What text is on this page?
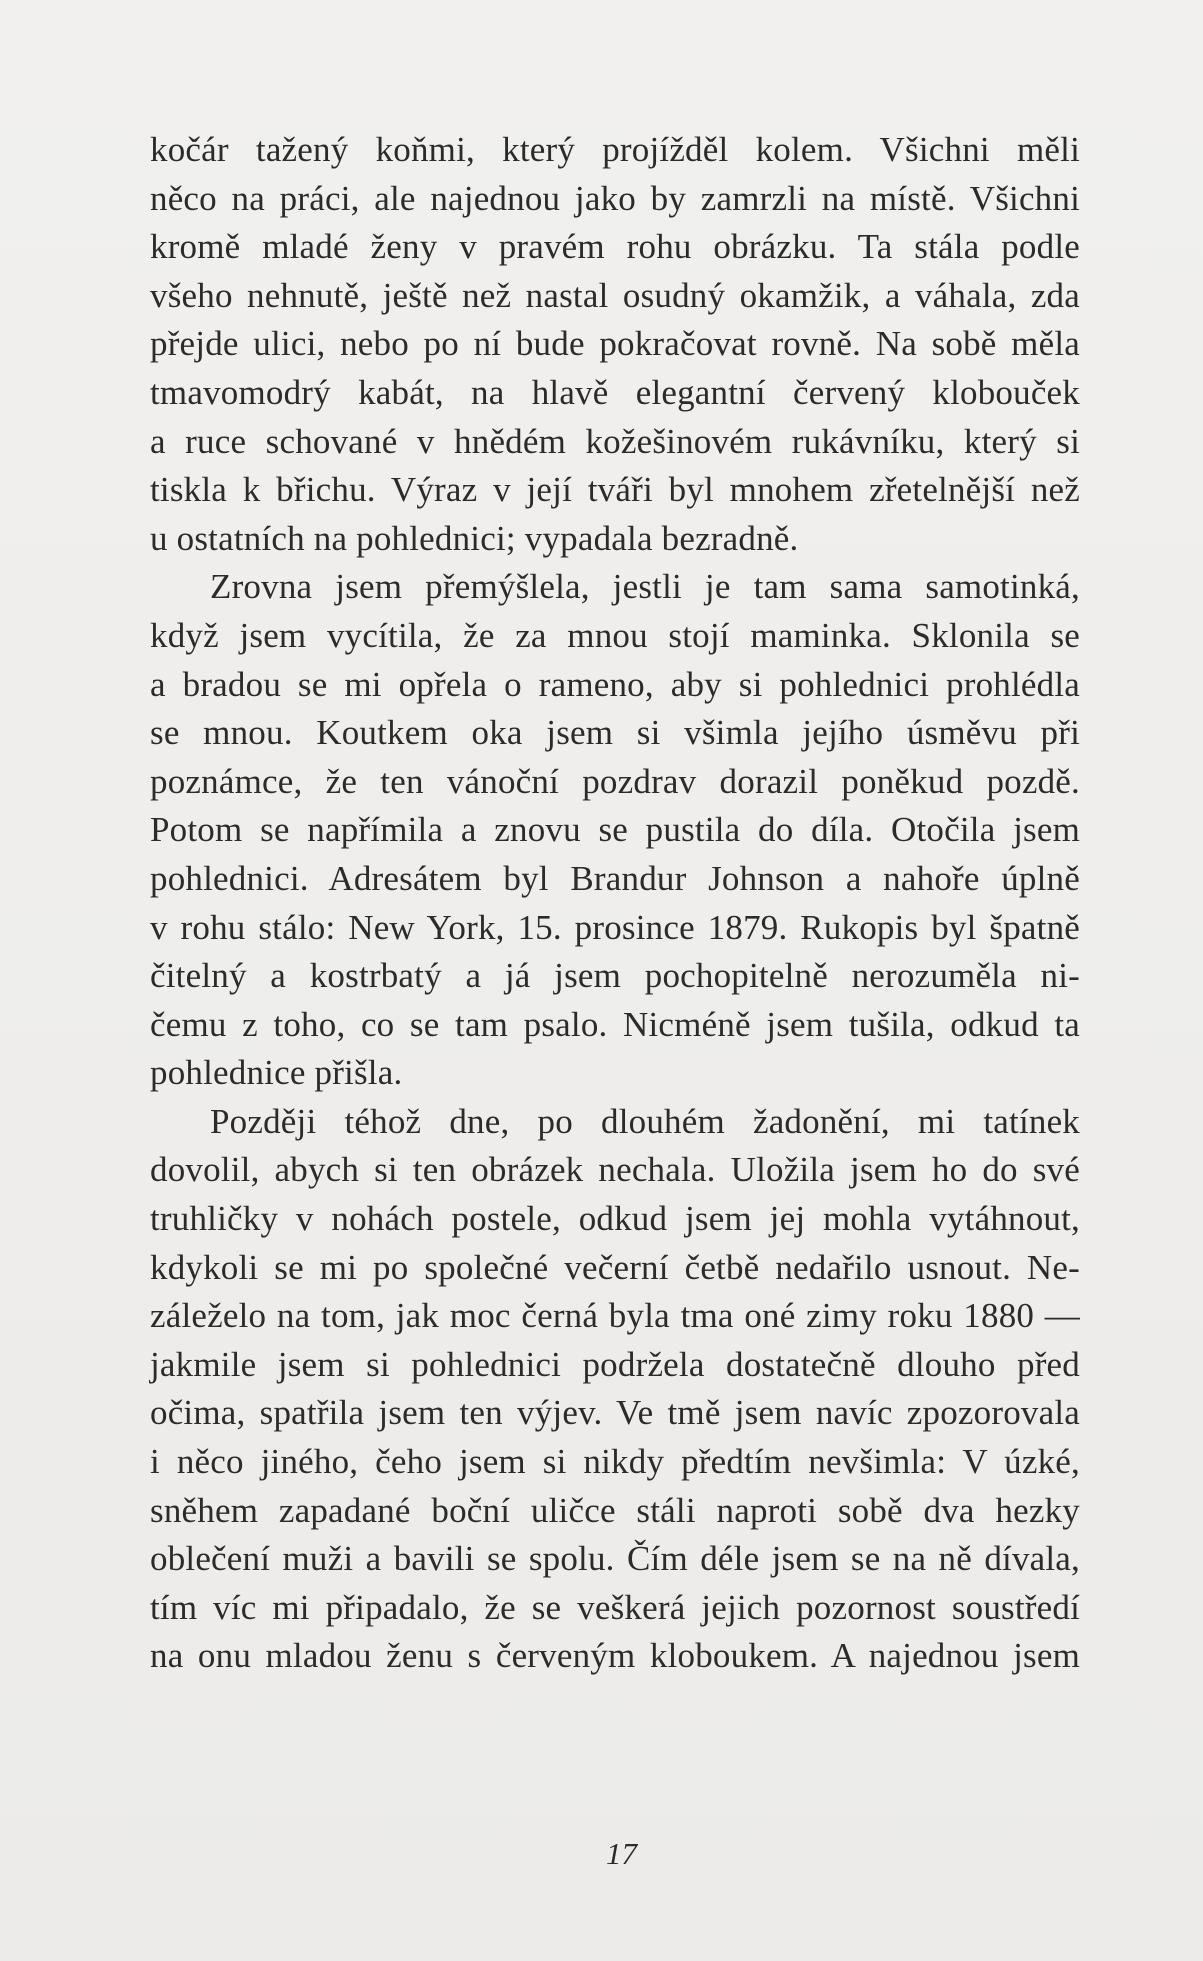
kočár tažený koňmi, který projížděl kolem. Všichni měli
něco na práci, ale najednou jako by zamrzli na místě. Všichni
kromě mladé ženy v pravém rohu obrázku. Ta stála podle
všeho nehnutě, ještě než nastal osudný okamžik, a váhala, zda
přejde ulici, nebo po ní bude pokračovat rovně. Na sobě měla
tmavomodrý kabát, na hlavě elegantní červený klobouček
a ruce schované v hnědém kožešinovém rukávníku, který si
tiskla k břichu. Výraz v její tváři byl mnohem zřetelnější než
u ostatních na pohlednici; vypadala bezradně.
Zrovna jsem přemýšlela, jestli je tam sama samotinká,
když jsem vycítila, že za mnou stojí maminka. Sklonila se
a bradou se mi opřela o rameno, aby si pohlednici prohlédla
se mnou. Koutkem oka jsem si všimla jejího úsměvu při
poznámce, že ten vánoční pozdrav dorazil poněkud pozdě.
Potom se napřímila a znovu se pustila do díla. Otočila jsem
pohlednici. Adresátem byl Brandur Johnson a nahoře úplně
v rohu stálo: New York, 15. prosince 1879. Rukopis byl špatně
čitelný a kostrbatý a já jsem pochopitelně nerozuměla ni-
čemu z toho, co se tam psalo. Nicméně jsem tušila, odkud ta
pohlednice přišla.
Později téhož dne, po dlouhém žadonění, mi tatínek
dovolil, abych si ten obrázek nechala. Uložila jsem ho do své
truhličky v nohách postele, odkud jsem jej mohla vytáhnout,
kdykoli se mi po společné večerní četbě nedařilo usnout. Ne-
záleželo na tom, jak moc černá byla tma oné zimy roku 1880 —
jakmile jsem si pohlednici podržela dostatečně dlouho před
očima, spatřila jsem ten výjev. Ve tmě jsem navíc zpozorovala
i něco jiného, čeho jsem si nikdy předtím nevšimla: V úzké,
sněhem zapadané boční uličce stáli naproti sobě dva hezky
oblečení muži a bavili se spolu. Čím déle jsem se na ně dívala,
tím víc mi připadalo, že se veškerá jejich pozornost soustředí
na onu mladou ženu s červeným kloboukem. A najednou jsem
17
